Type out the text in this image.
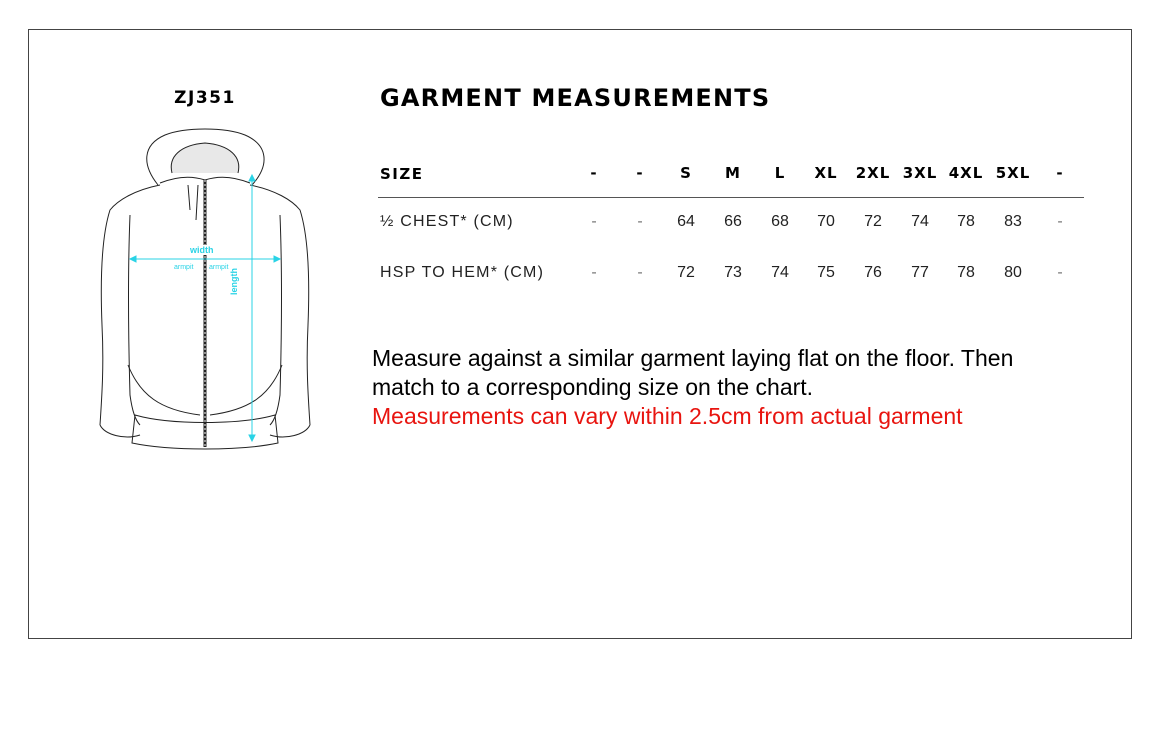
ZJ351
width
armpit armpit
length
GARMENT MEASUREMENTS
SIZE	-	- S M L XL 2XL 3XL 4XL 5XL -
½ CHEST* (CM)	-	- 64 66 68 70 72 74 78 83 -
HSP TO HEM* (CM)	-	- 72 73 74 75 76 77 78 80 -
Measure against a similar garment laying flat on the floor. Then
match to a corresponding size on the chart.
Measurements can vary within 2.5cm from actual garment
